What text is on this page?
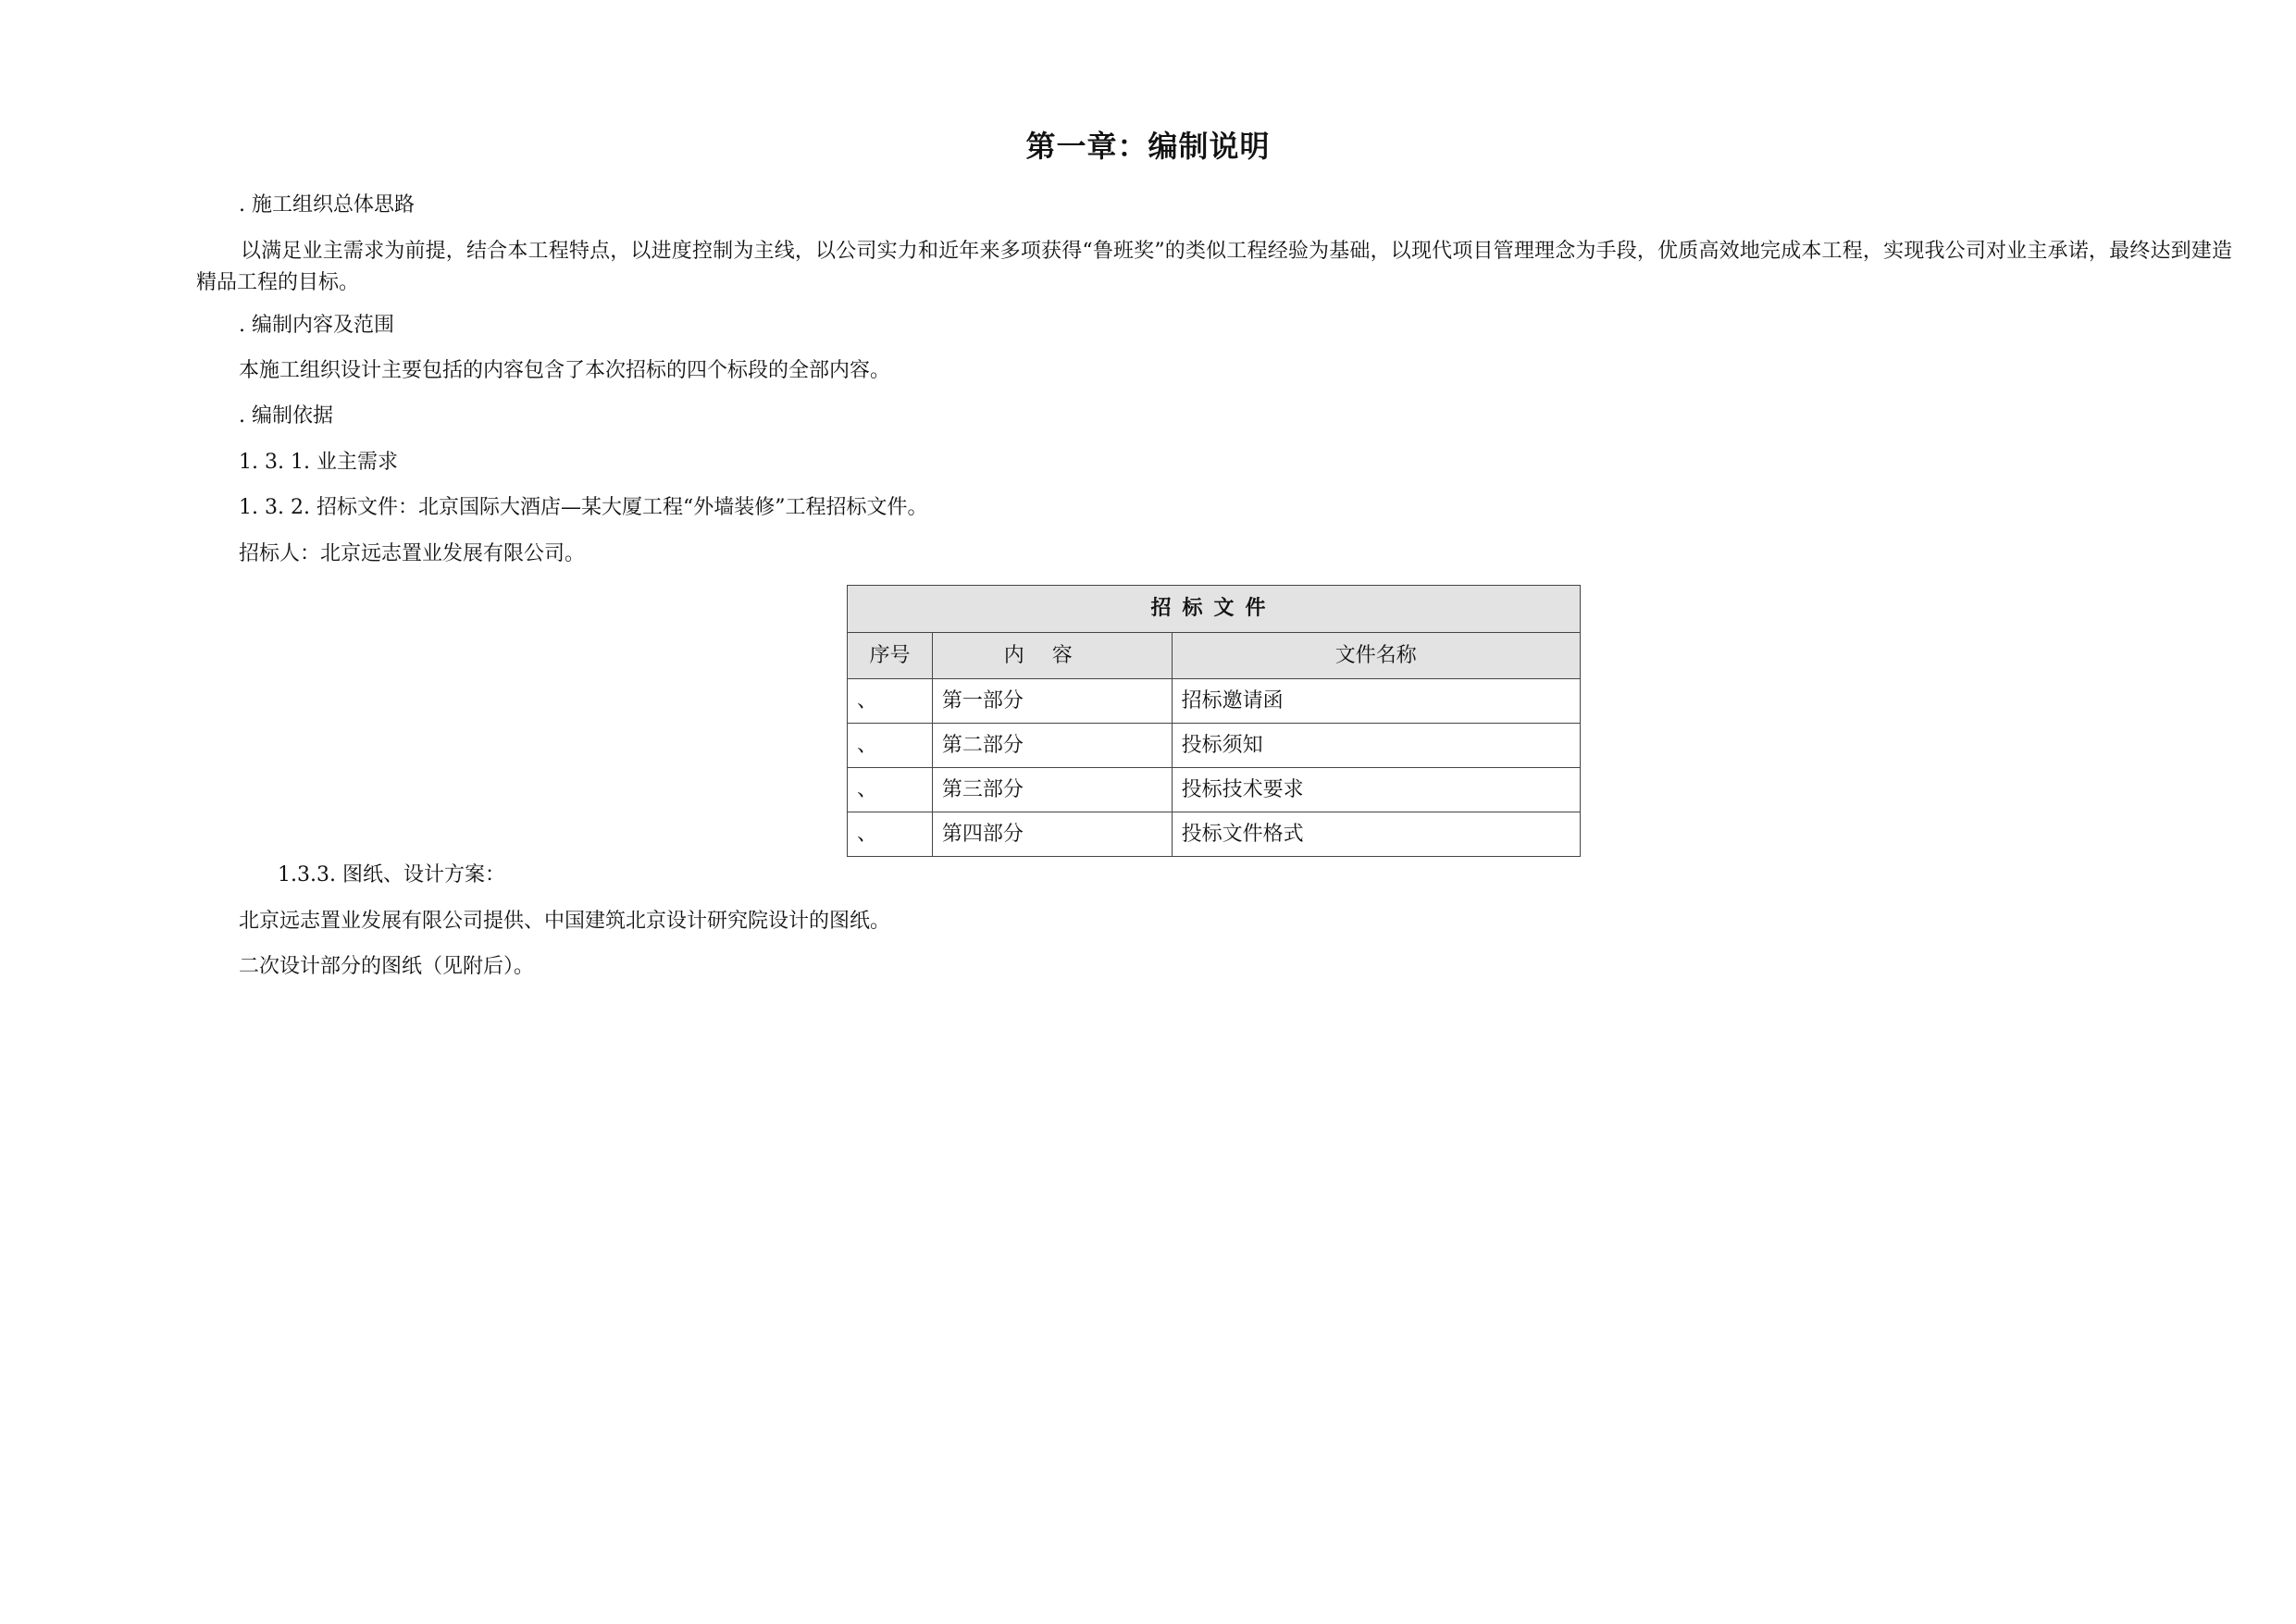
第一章：编制说明
. 施工组织总体思路
以满足业主需求为前提，结合本工程特点，以进度控制为主线，以公司实力和近年来多项获得“鲁班奖”的类似工程经验为基础，以现代项目管理理念为手段，优质高效地完成本工程，实现我公司对业主承诺，最终达到建造精品工程的目标。
. 编制内容及范围
本施工组织设计主要包括的内容包含了本次招标的四个标段的全部内容。
. 编制依据
1. 3. 1. 业主需求
1. 3. 2. 招标文件：北京国际大酒店—某大厦工程“外墙装修”工程招标文件。
招标人：北京远志置业发展有限公司。
招标文件		
序号	内容	文件名称
、	第一部分	招标邀请函
、	第二部分	投标须知
、	第三部分	投标技术要求
、	第四部分	投标文件格式
1.3.3. 图纸、设计方案：
北京远志置业发展有限公司提供、中国建筑北京设计研究院设计的图纸。
二次设计部分的图纸（见附后）。
